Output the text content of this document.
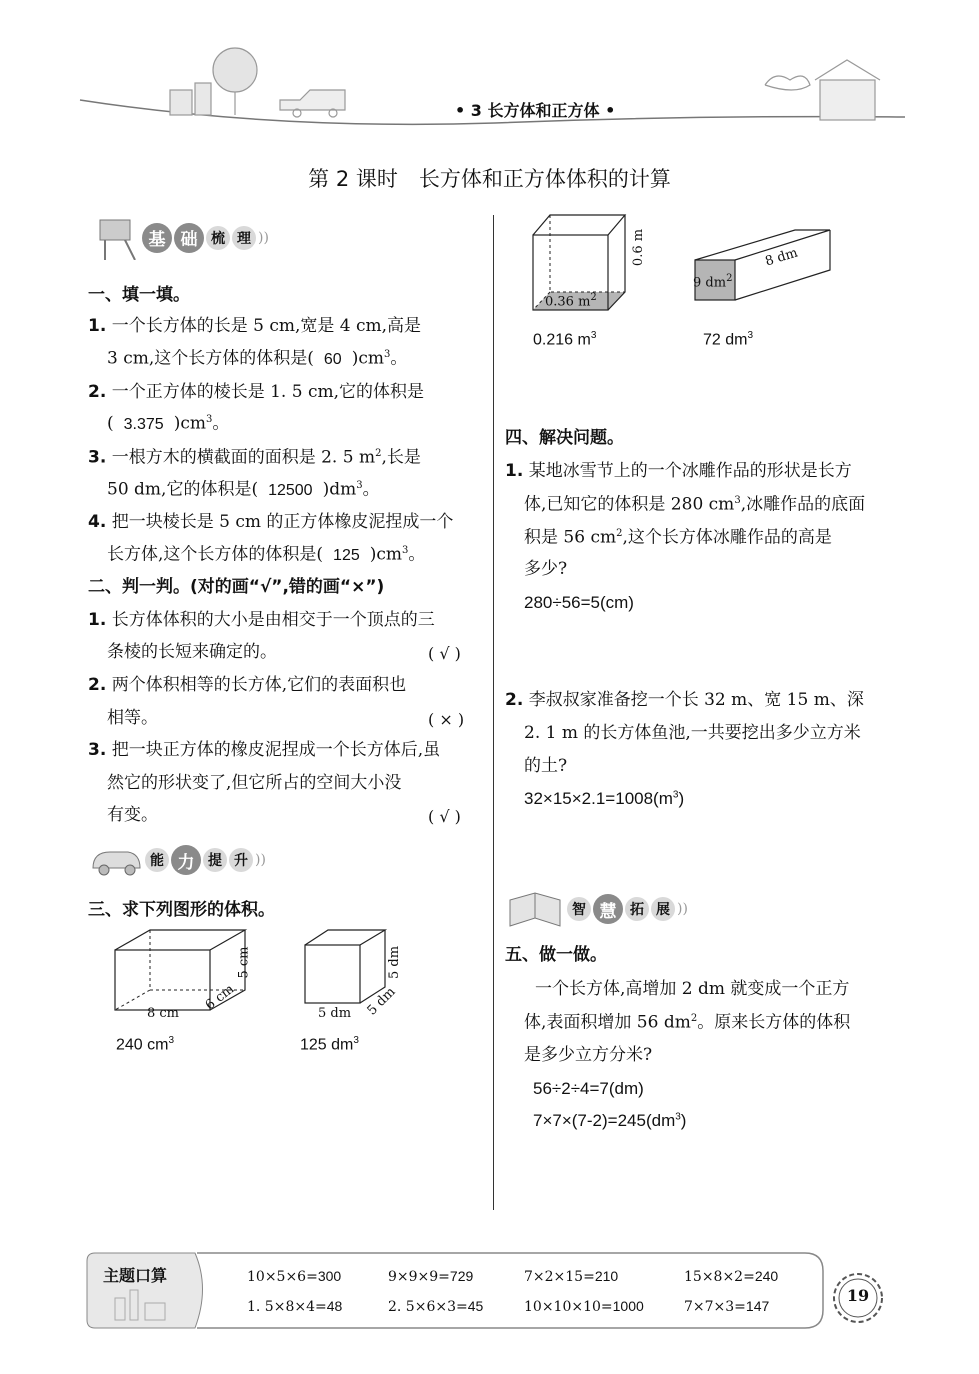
• 3 长方体和正方体 •
第 2 课时　长方体和正方体体积的计算
基 础 梳 理 ))
一、填一填。
1. 一个长方体的长是 5 cm,宽是 4 cm,高是
3 cm,这个长方体的体积是( 60 )$cm^3$。
2. 一个正方体的棱长是 1. 5 cm,它的体积是
( 3.375 )$cm^3$。
3. 一根方木的横截面的面积是 2. 5 $m^2$,长是
50 dm,它的体积是( 12500 )$dm^3$。
4. 把一块棱长是 5 cm 的正方体橡皮泥捏成一个
长方体,这个长方体的体积是( 125 )$cm^3$。
二、判一判。(对的画“√”,错的画“×”)
1. 长方体体积的大小是由相交于一个顶点的三
条棱的长短来确定的。	( √ )
2. 两个体积相等的长方体,它们的表面积也
相等。	( × )
3. 把一块正方体的橡皮泥捏成一个长方体后,虽
然它的形状变了,但它所占的空间大小没
有变。	( √ )
能 力 提 升 ))
三、求下列图形的体积。
8 cm
6 cm
5 cm
240 $cm^3$
5 dm 5 dm
5 dm
125 $dm^3$
0.36 $m^2$
0.6 m
0.216 $m^3$
9 $dm^2$
8 dm
72 $dm^3$
四、解决问题。
1. 某地冰雪节上的一个冰雕作品的形状是长方
体,已知它的体积是 280 $cm^3$,冰雕作品的底面
积是 56 $cm^2$,这个长方体冰雕作品的高是
多少?
280÷56=5(cm)
2. 李叔叔家准备挖一个长 32 m、宽 15 m、深
2. 1 m 的长方体鱼池,一共要挖出多少立方米
的土?
$32\times 15\times 2.1=1008(m^3)$
智 慧 拓 展 ))
五、做一做。
一个长方体,高增加 2 dm 就变成一个正方
体,表面积增加 56 $dm^2$。原来长方体的体积
是多少立方分米?
56÷2÷4=7(dm)
$7\times 7\times(7-2)=245(dm^3)$
主题口算	10×5×6=300	9×9×9=729	7×2×15=210	15×8×2=240
1. 5×8×4=48	2. 5×6×3=45	10×10×10=1000	7×7×3=147
19
